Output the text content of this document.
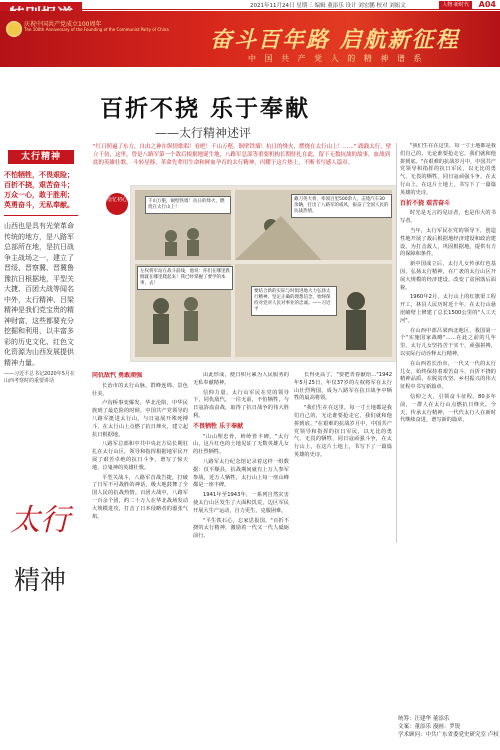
2021年11月24日 星期三 编辑 董添乐 设计 刘宏鹏 校对 刘振文	人物·新时代	A04
庆祝中国共产党成立100周年
The 100th Anniversary of the Founding of the Communist Party of China 奋斗百年路 启航新征程
中 国 共 产 党 人 的 精 神 谱 系
百折不挠 乐于奉献
——太行精神述评
太行精神
不怕牺牲，不畏艰险；
百折不挠，艰苦奋斗；
万众一心，敢于胜利；
英勇奋斗，无私奉献。
山西也是具有光荣革命传统的地方，是八路军总部所在地，是抗日战争主战场之一，建立了晋绥、晋察冀、晋冀鲁豫抗日根据地，平型关大捷、百团大战等闻名中外，太行精神、吕梁精神是我们党宝贵的精神财富，这些都要充分挖掘和利用，以丰富多彩的历史文化、红色文化资源为山西发展提供精神力量。
——习近平总书记2020年5月在山西考察时的重要讲话
太行
精神
"红日照遍了东方，自由之神在纵情歌唱！看吧！千山万壑，铜壁铁墙！抗日的烽火，燃烧在太行山上！……" 践践太行，壁立千仞，这里，曾是八路军第一个敌后根据地诞生地，八路军总部等重要机构长期驻扎在此，留下无数抗战的故事，血战到底的英雄壮歌。 斗转星移，革命先辈用生命和鲜血孕育的太行精神，闪耀于这片热土，不断书写感人篇章。
千山万壑，铜壁铁墙！抗日的烽火，燃烧在太行山上！
戴刀英大将，率领百里500余人，击毙汽车30余辆，打出了八路军的威风，振奋了全国人民的抗战热情。
左权将军站在战斗前线，他说：你们在哪里跌倒就在哪里爬起来！我已经掌握了要学的本事，去！
要结合新的实际与时俱进地大力弘扬太行精神，坚定正确的理想信念，始终保持对党对人民对事业的忠诚。——习近平
绘忆初心
同仇敌忾 勇敢顽强

长治市的太行山脉，群峰连绵、景色壮美。

卢沟桥事变爆发，华北沦陷，中华民族到了最危险的时候。中国共产党领导的八路军挺进太行山，与日寇展开殊死搏斗，在太行山上点燃了抗日烽火，建立起抗日根据地。

八路军总部和中共中央北方局长期驻扎在太行山区，领导和指挥根据地军民开展了艰苦卓绝的抗日斗争，谱写了惊天地、泣鬼神的英雄壮歌。

平型关战斗，八路军首战告捷，打破了日军不可战胜的神话，极大地鼓舞了全国人民的抗战热情。百团大战中，八路军一百余个团，约二十万人在华北战场发动大规模进攻，打击了日本侵略者的嚣张气焰。

由此形成，便日积月累为人民服务的无私奉献精神。

信仰力量，太行山军民在党的领导下，同仇敌忾，一往无前，不怕牺牲，与日寇浴血奋战，取得了抗日战争的伟大胜利。

不畏牺牲 乐于奉献

"山山埋忠骨，岭岭皆丰碑。"太行山，这片红色的土地见证了无数英雄儿女的壮烈牺牲。

八路军太行纪念馆记录着这样一组数据：仅平顺县，抗战期间就有上万人参军参战，近万人牺牲，太行山上每一座山峰都是一座丰碑。

1941年至1943年，一系列自然灾害使太行山区发生了大面积饥荒，边区军民开展大生产运动，自力更生，克服困难。

"平生铁石心，忘家思报国。"百折不挠的太行精神，激励着一代又一代人砥砺前行。

长得更高了，"要把青春献给…"1942年5月25日，年仅37岁的左权将军在太行山壮烈殉国，成为八路军在抗日战争中牺牲的最高将领。

"我们生在在这里，每一寸土地都是我们自己的，无论谁要抢走它，我们就和他拼到底。"在艰难的抗战岁月中，中国共产党领导和指挥的抗日军民，以无比的勇气、无畏的牺牲，同日寇顽强斗争，在太行山上，在这片土地上，书写下了一篇篇英雄的史诗。

"我们生在在这里，每一寸土地都是我们自己的，无论谁要抢走它，我们就和他拼到底。"在艰难的抗战岁月中，中国共产党领导和指挥的抗日军民，以无比的勇气、无畏的牺牲，同日寇顽强斗争，在太行山上，在这片土地上，书写下了一篇篇英雄的史诗。

百折不挠 艰苦奋斗

时光是无言的见证者，也是伟大的书写者。

当年，太行军民在党的领导下，创造性地开展了敌后根据地经济建设和政治建设，为打击敌人，巩固根据地，提供有力的保障和条件。

新中国成立后，太行儿女传承红色基因，弘扬太行精神，在广袤的太行山区开展大规模的经济建设，改变了贫困落后面貌。

1960年2月，太行山上的红旗渠工程开工，林县人民历时近十年，在太行山悬崖峭壁上修建了总长1500公里的"人工天河"。

在山西中部吕梁西北地区，我国第一个"实施国家战略"……在此之前的几年里，太行儿女坚持苦干实干，顽强拼搏，以实际行动诠释太行精神。

在山西省长治市，一代又一代的太行儿女，始终保持着艰苦奋斗、百折不挠的精神品质，在脱贫攻坚、乡村振兴的伟大征程中书写新篇章。

信仰之火，引领奋斗征程。80多年前，一群人在太行山点燃抗日烽火。今天，传承太行精神，一代代太行人在新时代继续奋进，谱写新的篇章。

统筹：汪建华 董添乐
文案：董添乐 漫画：罗锐
学术顾问：中共广东省委党史研究室 卢权
